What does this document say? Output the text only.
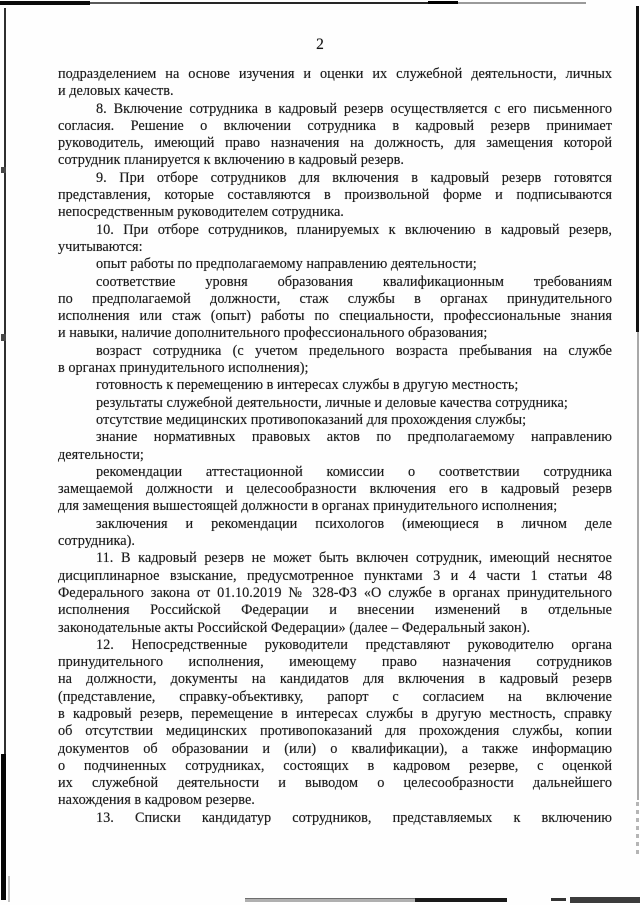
2
подразделением на основе изучения и оценки их служебной деятельности, личных
и деловых качеств.
8. Включение сотрудника в кадровый резерв осуществляется с его письменного
согласия. Решение о включении сотрудника в кадровый резерв принимает
руководитель, имеющий право назначения на должность, для замещения которой
сотрудник планируется к включению в кадровый резерв.
9. При отборе сотрудников для включения в кадровый резерв готовятся
представления, которые составляются в произвольной форме и подписываются
непосредственным руководителем сотрудника.
10. При отборе сотрудников, планируемых к включению в кадровый резерв,
учитываются:
опыт работы по предполагаемому направлению деятельности;
соответствие уровня образования квалификационным требованиям
по предполагаемой должности, стаж службы в органах принудительного
исполнения или стаж (опыт) работы по специальности, профессиональные знания
и навыки, наличие дополнительного профессионального образования;
возраст сотрудника (с учетом предельного возраста пребывания на службе
в органах принудительного исполнения);
готовность к перемещению в интересах службы в другую местность;
результаты служебной деятельности, личные и деловые качества сотрудника;
отсутствие медицинских противопоказаний для прохождения службы;
знание нормативных правовых актов по предполагаемому направлению
деятельности;
рекомендации аттестационной комиссии о соответствии сотрудника
замещаемой должности и целесообразности включения его в кадровый резерв
для замещения вышестоящей должности в органах принудительного исполнения;
заключения и рекомендации психологов (имеющиеся в личном деле
сотрудника).
11. В кадровый резерв не может быть включен сотрудник, имеющий неснятое
дисциплинарное взыскание, предусмотренное пунктами 3 и 4 части 1 статьи 48
Федерального закона от 01.10.2019 № 328-ФЗ «О службе в органах принудительного
исполнения Российской Федерации и внесении изменений в отдельные
законодательные акты Российской Федерации» (далее – Федеральный закон).
12. Непосредственные руководители представляют руководителю органа
принудительного исполнения, имеющему право назначения сотрудников
на должности, документы на кандидатов для включения в кадровый резерв
(представление, справку-объективку, рапорт с согласием на включение
в кадровый резерв, перемещение в интересах службы в другую местность, справку
об отсутствии медицинских противопоказаний для прохождения службы, копии
документов об образовании и (или) о квалификации), а также информацию
о подчиненных сотрудниках, состоящих в кадровом резерве, с оценкой
их служебной деятельности и выводом о целесообразности дальнейшего
нахождения в кадровом резерве.
13. Списки кандидатур сотрудников, представляемых к включению
